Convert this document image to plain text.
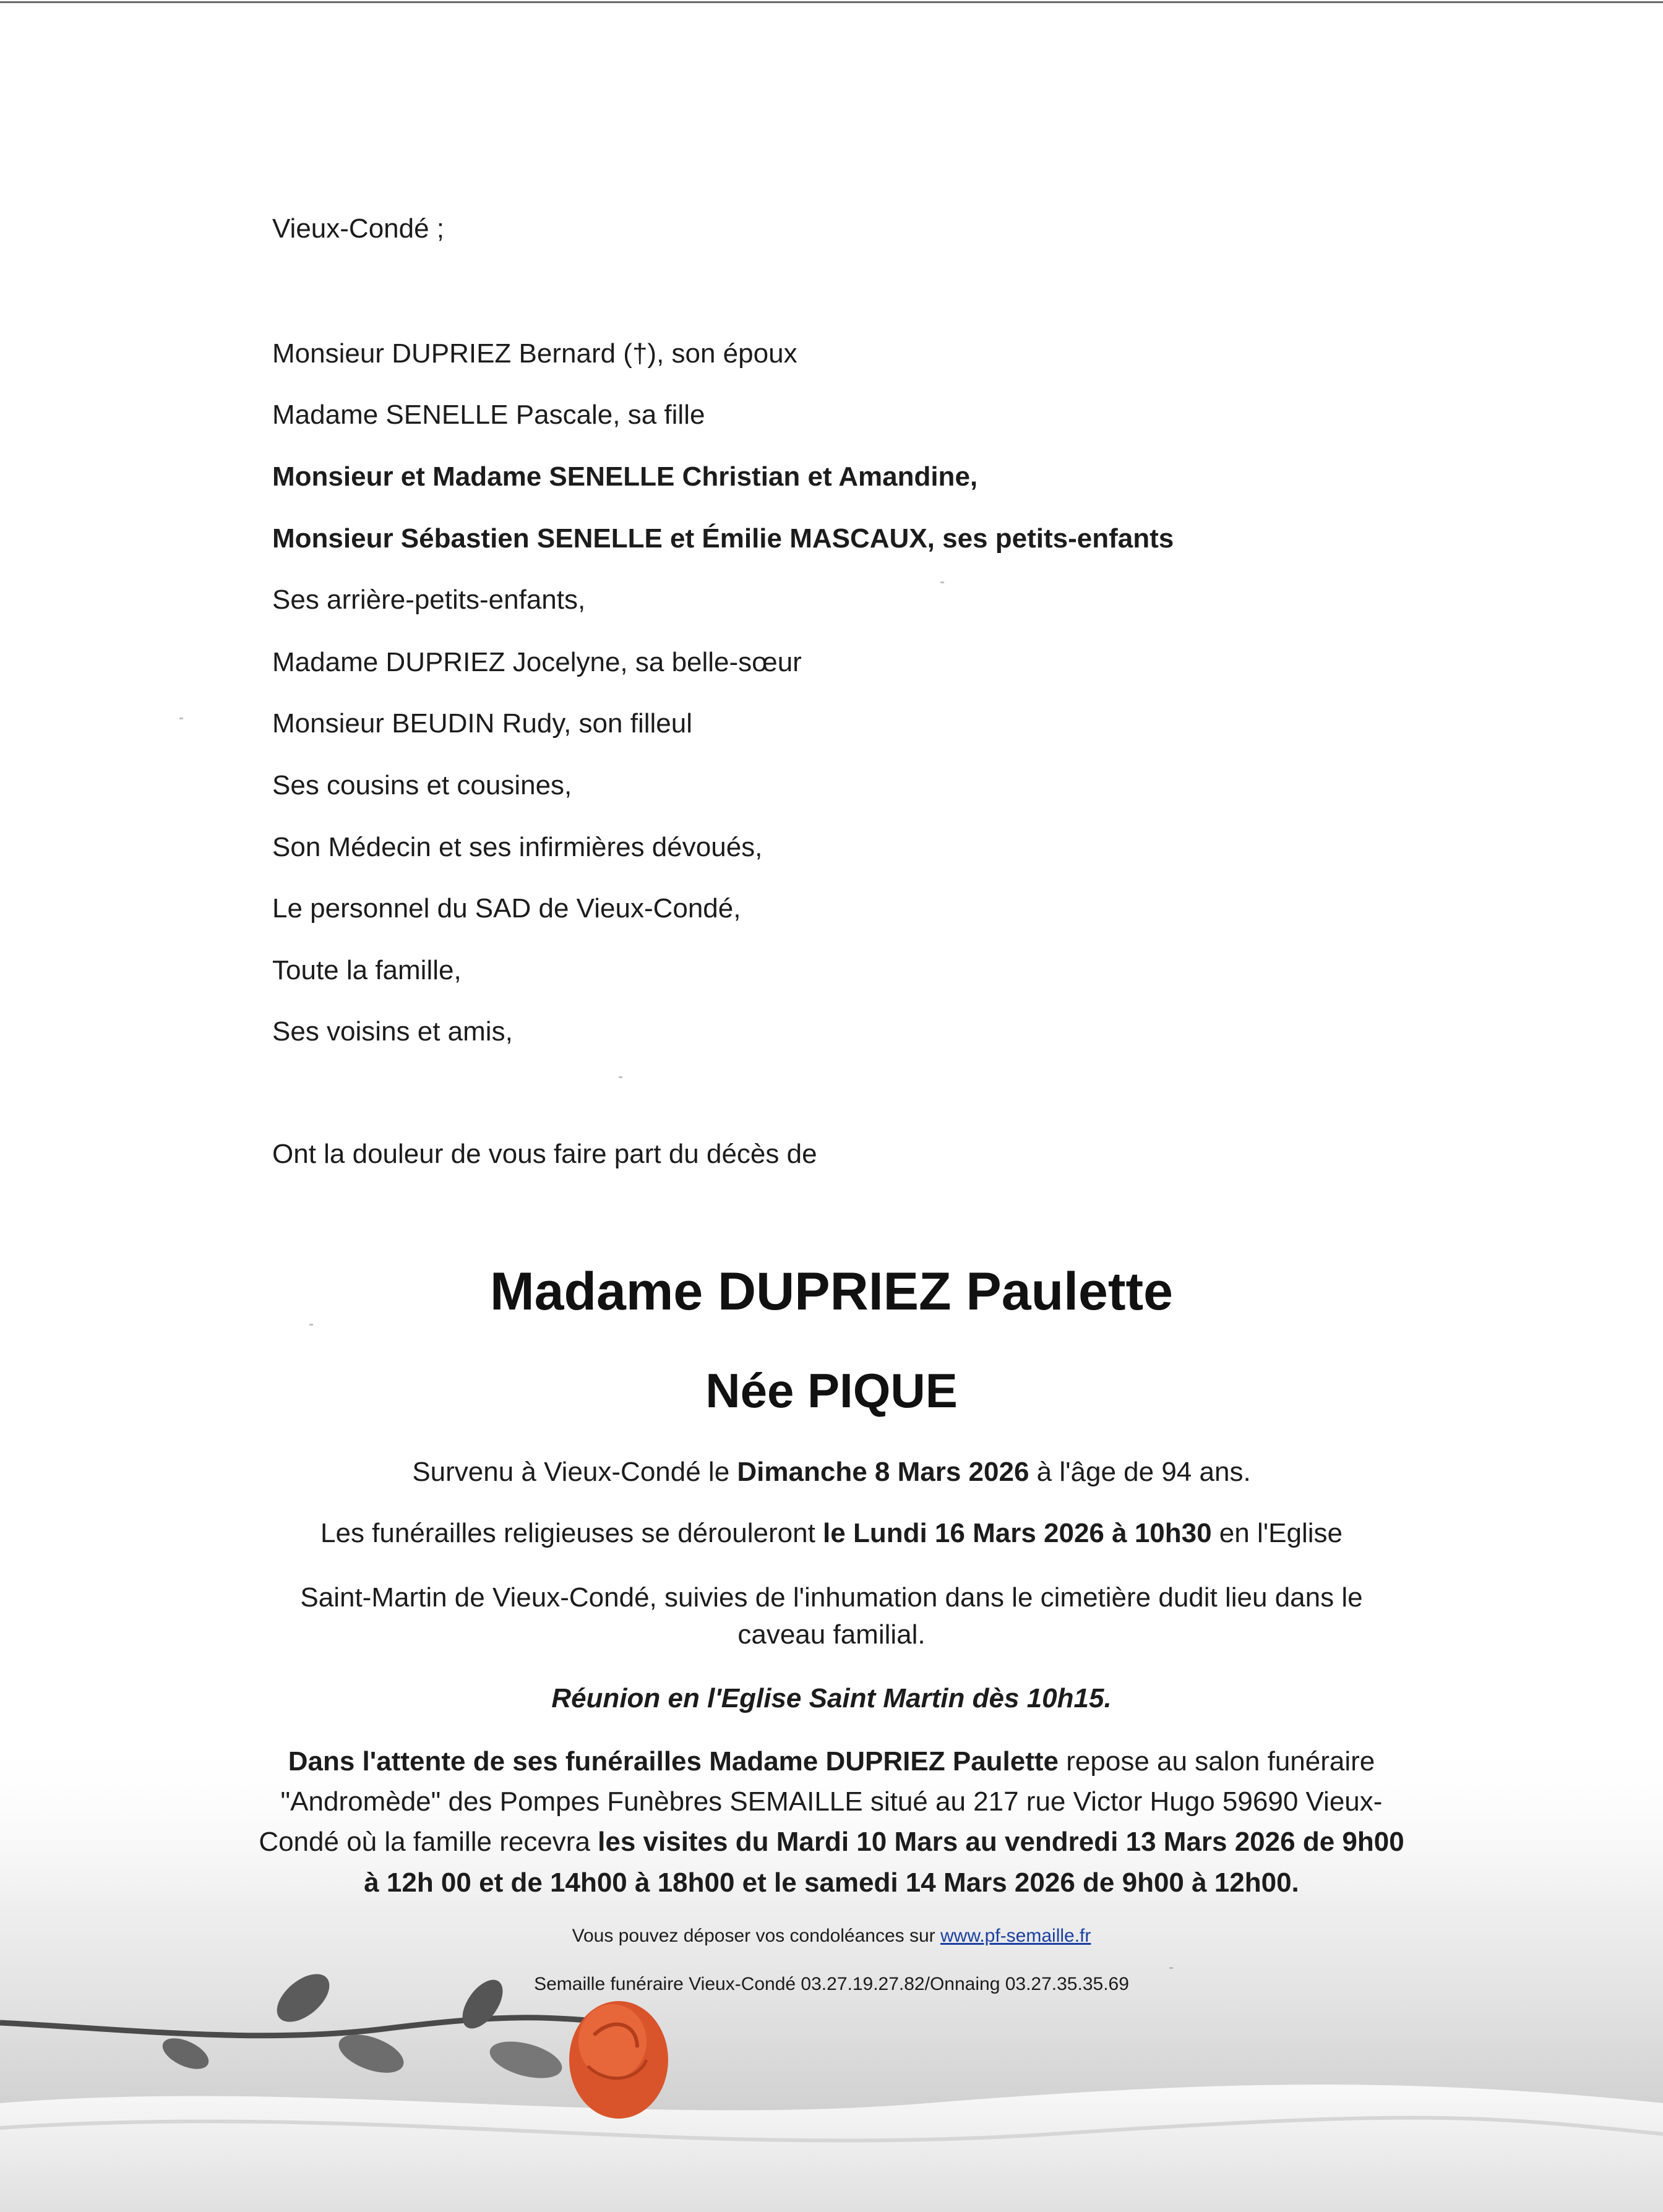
Vieux-Condé ;
Monsieur DUPRIEZ Bernard (†), son époux
Madame SENELLE Pascale, sa fille
Monsieur et Madame SENELLE Christian et Amandine,
Monsieur Sébastien SENELLE et Émilie MASCAUX, ses petits-enfants
Ses arrière-petits-enfants,
Madame DUPRIEZ Jocelyne, sa belle-sœur
Monsieur BEUDIN Rudy, son filleul
Ses cousins et cousines,
Son Médecin et ses infirmières dévoués,
Le personnel du SAD de Vieux-Condé,
Toute la famille,
Ses voisins et amis,
Ont la douleur de vous faire part du décès de
Madame DUPRIEZ Paulette
Née PIQUE
Survenu à Vieux-Condé le Dimanche 8 Mars 2026 à l'âge de 94 ans.
Les funérailles religieuses se dérouleront le Lundi 16 Mars 2026 à 10h30 en l'Eglise
Saint-Martin de Vieux-Condé, suivies de l'inhumation dans le cimetière dudit lieu dans le
caveau familial.
Réunion en l'Eglise Saint Martin dès 10h15.
Dans l'attente de ses funérailles Madame DUPRIEZ Paulette repose au salon funéraire
"Andromède" des Pompes Funèbres SEMAILLE situé au 217 rue Victor Hugo 59690 Vieux-
Condé où la famille recevra les visites du Mardi 10 Mars au vendredi 13 Mars 2026 de 9h00
à 12h 00 et de 14h00 à 18h00 et le samedi 14 Mars 2026 de 9h00 à 12h00.
Vous pouvez déposer vos condoléances sur www.pf-semaille.fr
Semaille funéraire Vieux-Condé 03.27.19.27.82/Onnaing 03.27.35.35.69
